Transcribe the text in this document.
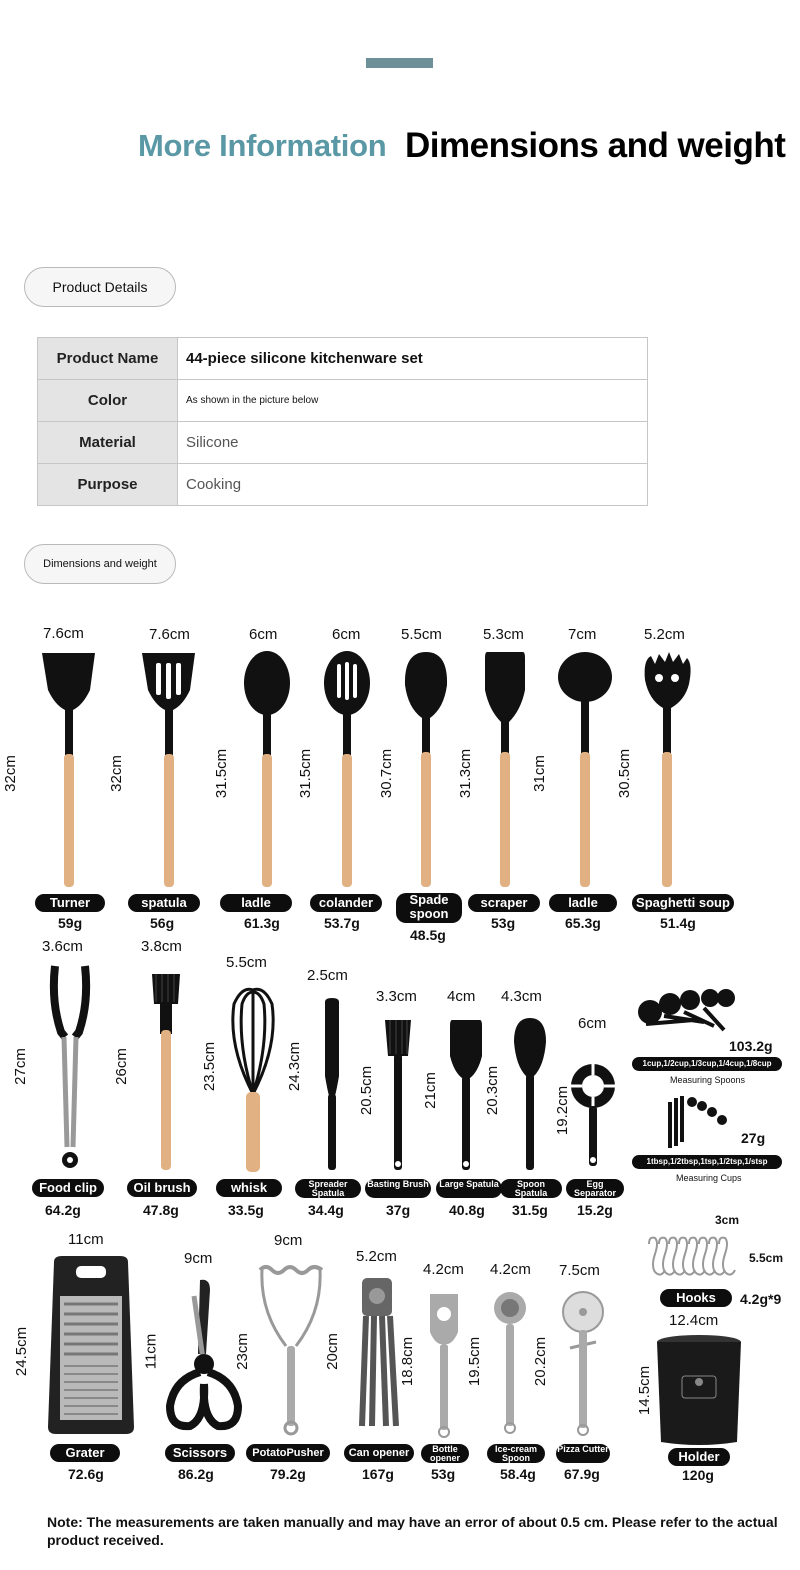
More Information Dimensions and weight
Product Details
Product Name	44-piece silicone kitchenware set
Color	As shown in the picture below
Material	Silicone
Purpose	Cooking
Dimensions and weight
7.6cm
32cm
Turner
59g
7.6cm
32cm
spatula
56g
6cm
31.5cm
ladle
61.3g
6cm
31.5cm
colander
53.7g
5.5cm
30.7cm
Spade spoon
48.5g
5.3cm
31.3cm
scraper
53g
7cm
31cm
ladle
65.3g
5.2cm
30.5cm
Spaghetti soup
51.4g
3.6cm
27cm
Food clip
64.2g
3.8cm
26cm
Oil brush
47.8g
5.5cm
23.5cm
whisk
33.5g
2.5cm
24.3cm
Spreader Spatula
34.4g
3.3cm
20.5cm
Basting Brush
37g
4cm
21cm
Large Spatula
40.8g
4.3cm
20.3cm
Spoon Spatula
31.5g
6cm
19.2cm
Egg Separator
15.2g
103.2g
1cup,1/2cup,1/3cup,1/4cup,1/8cup
Measuring Spoons
27g
1tbsp,1/2tbsp,1tsp,1/2tsp,1/stsp
Measuring Cups
11cm
24.5cm
Grater
72.6g
9cm
11cm
Scissors
86.2g
9cm
23cm
PotatoPusher
79.2g
5.2cm
20cm
Can opener
167g
4.2cm
18.8cm
Bottle opener
53g
4.2cm
19.5cm
Ice-cream Spoon
58.4g
7.5cm
20.2cm
Pizza Cutter
67.9g
3cm
5.5cm
Hooks	4.2g*9
12.4cm
14.5cm
Holder
120g
Note: The measurements are taken manually and may have an error of about 0.5 cm. Please refer to the actual product received.
